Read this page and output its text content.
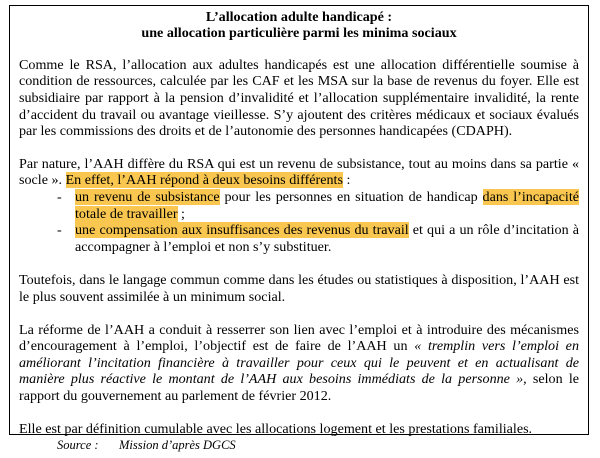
L’allocation adulte handicapé :
une allocation particulière parmi les minima sociaux

Comme le RSA, l’allocation aux adultes handicapés est une allocation différentielle soumise à condition de ressources, calculée par les CAF et les MSA sur la base de revenus du foyer. Elle est subsidiaire par rapport à la pension d’invalidité et l’allocation supplémentaire invalidité, la rente d’accident du travail ou avantage vieillesse. S’y ajoutent des critères médicaux et sociaux évalués par les commissions des droits et de l’autonomie des personnes handicapées (CDAPH).

Par nature, l’AAH diffère du RSA qui est un revenu de subsistance, tout au moins dans sa partie « socle ». En effet, l’AAH répond à deux besoins différents :

- un revenu de subsistance pour les personnes en situation de handicap dans l’incapacité totale de travailler ;
- une compensation aux insuffisances des revenus du travail et qui a un rôle d’incitation à accompagner à l’emploi et non s’y substituer.

Toutefois, dans le langage commun comme dans les études ou statistiques à disposition, l’AAH est le plus souvent assimilée à un minimum social.

La réforme de l’AAH a conduit à resserrer son lien avec l’emploi et à introduire des mécanismes d’encouragement à l’emploi, l’objectif est de faire de l’AAH un « tremplin vers l’emploi en améliorant l’incitation financière à travailler pour ceux qui le peuvent et en actualisant de manière plus réactive le montant de l’AAH aux besoins immédiats de la personne », selon le rapport du gouvernement au parlement de février 2012.

Elle est par définition cumulable avec les allocations logement et les prestations familiales.

Source : Mission d’après DGCS
